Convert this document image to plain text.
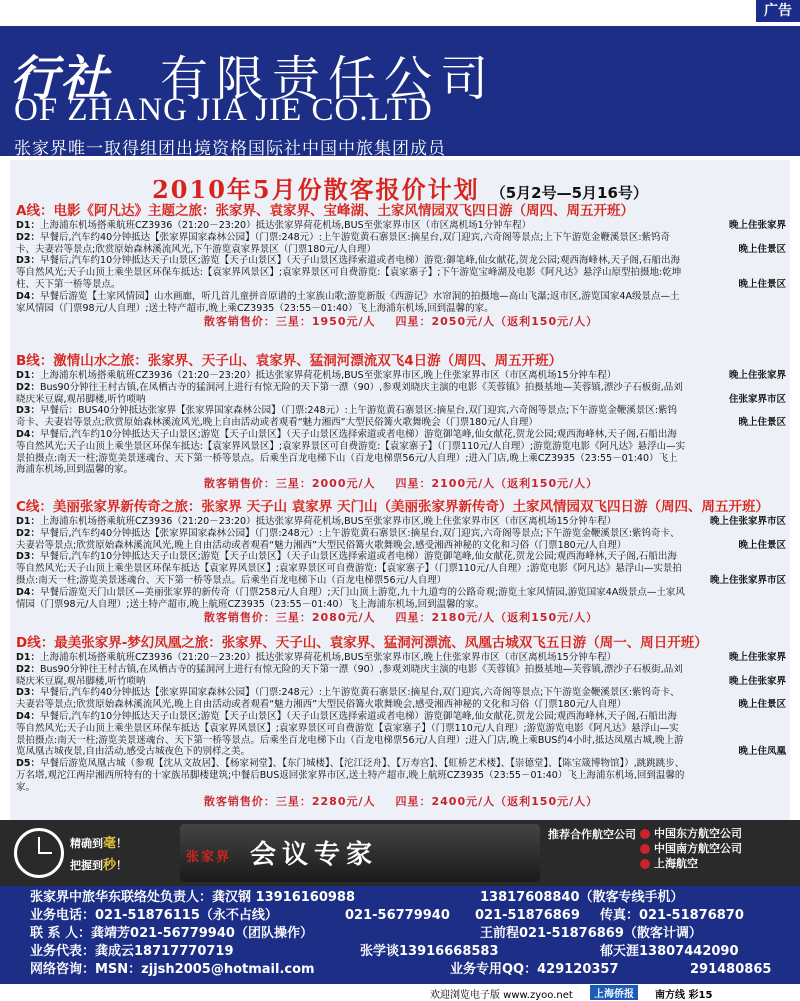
广告
行社 有限责任公司
OF ZHANG JIA JIE CO.LTD
张家界唯一取得组团出境资格国际社中国中旅集团成员
2010年5月份散客报价计划 （5月2号—5月16号）
A线：电影《阿凡达》主题之旅：张家界、袁家界、宝峰湖、土家风情园双飞四日游（周四、周五开班）
D1：上海浦东机场搭乘航班CZ3936（21:20－23:20）抵达张家界荷花机场,BUS至张家界市区（市区离机场1分钟车程）	晚上住张家界
D2：早餐后,汽车约40分钟抵达【张家界国家森林公园】（门票:248元）:上午游览黄石寨景区:摘星台,双门迎宾,六奇阁等景点;上下午游览金鞭溪景区:紫钨奇卡、夫妻岩等景点;欣赏原始森林溪流风光,下午游览袁家界景区（门票180元/人自理）	晚上住景区
D3：早餐后,汽车约10分钟抵达天子山景区;游览【天子山景区】（天子山景区选择索道或者电梯）游览:御笔峰,仙女献花,贺龙公园;观西海峰林,天子阁,石船出海等自然风光;天子山顶上乘坐景区环保车抵达:【袁家界风景区】;袁家界景区可自费游览:【袁家寨子】;下午游览宝峰湖及电影《阿凡达》悬浮山原型拍摄地:乾坤柱、天下第一桥等景点。	晚上住景区
D4：早餐后游览【土家风情园】山水画廊，听几首儿童拼音原谱的土家族山歌;游览新版《西游记》水帘洞的拍摄地—高山飞瀑;返市区,游览国家4A级景点—土家风情园（门票98元/人自理）;送土特产超市,晚上乘CZ3935（23:55－01:40）飞上海浦东机场,回到温馨的家。
散客销售价：三星：1950元/人 四星：2050元/人（返利150元/人）
B线：激情山水之旅：张家界、天子山、袁家界、猛洞河漂流双飞4日游（周四、周五开班）
D1：上海浦东机场搭乘航班CZ3936（21:20－23:20）抵达张家界荷花机场,BUS至张家界市区,晚上住张家界市区（市区离机场15分钟车程）	晚上住张家界
D2：Bus90分钟往王村古镇,在凤栖古寺的猛洞河上进行有惊无险的天下第一漂（90）,参观刘晓庆主演的电影《芙蓉镇》拍摄基地—芙蓉镇,漂沙子石板街,品刘晓庆米豆腐,观吊脚楼,听竹唢呐	住张家界市区
D3：早餐后：BUS40分钟抵达张家界【张家界国家森林公园】（门票:248元）:上午游览黄石寨景区:摘星台,双门迎宾,六奇阁等景点;下午游览金鞭溪景区:紫钨奇卡、夫妻岩等景点;欣赏原始森林溪流风光,晚上自由活动或者观看“魅力湘西”大型民俗篝火歌舞晚会（门票180元/人自理）	晚上住景区
D4：早餐后,汽车约10分钟抵达天子山景区;游览【天子山景区】（天子山景区选择索道或者电梯）游览御笔峰,仙女献花,贺龙公园;观西海峰林,天子阁,石船出海等自然风光;天子山顶上乘坐景区环保车抵达:【袁家界风景区】;袁家界景区可自费游览:【袁家寨子】（门票110元/人自理）;游览游览电影《阿凡达》悬浮山—实景拍摄点:南天一柱;游览美景迷魂台、天下第一桥等景点。后乘坐百龙电梯下山（百龙电梯票56元/人自理）;进入门店,晚上乘CZ3935（23:55－01:40）飞上海浦东机场,回到温馨的家。
散客销售价：三星：2000元/人 四星：2100元/人（返利150元/人）
C线：美丽张家界新传奇之旅：张家界 天子山 袁家界 天门山（美丽张家界新传奇）土家风情园双飞四日游（周四、周五开班）
D1：上海浦东机场搭乘航班CZ3936（21:20－23:20）抵达张家界荷花机场,BUS至张家界市区,晚上住张家界市区（市区离机场15分钟车程）	晚上住张家界市区
D2：早餐后,汽车约40分钟抵达【张家界国家森林公园】（门票:248元）:上午游览黄石寨景区:摘星台,双门迎宾,六奇阁等景点;下午游览金鞭溪景区:紫钨奇卡、夫妻岩等景点;欣赏原始森林溪流风光,晚上自由活动或者观看“魅力湘西”大型民俗篝火歌舞晚会,感受湘西神秘的文化和习俗（门票180元/人自理）	晚上住景区
D3：早餐后,汽车约10分钟抵达天子山景区;游览【天子山景区】（天子山景区选择索道或者电梯）游览御笔峰,仙女献花,贺龙公园;观西海峰林,天子阁,石船出海等自然风光;天子山顶上乘坐景区环保车抵达【袁家界风景区】;袁家界景区可自费游览:【袁家寨子】（门票110元/人自理）;游览电影《阿凡达》悬浮山—实景拍摄点:南天一柱;游览美景迷魂台、天下第一桥等景点。后乘坐百龙电梯下山（百龙电梯票56元/人自理）	晚上住张家界市区
D4：早餐后游览天门山景区—美丽张家界的新传奇（门票258元/人自理）;天门山顶上游览,九十九道弯的公路奇观;游览土家风情园,游览国家4A级景点—土家风情园（门票98元/人自理）;送土特产超市,晚上航班CZ3935（23:55－01:40）飞上海浦东机场,回到温馨的家。
散客销售价：三星：2080元/人 四星：2180元/人（返利150元/人）
D线：最美张家界-梦幻凤凰之旅：张家界、天子山、袁家界、猛洞河漂流、凤凰古城双飞五日游（周一、周日开班）
D1：上海浦东机场搭乘航班CZ3936（21:20－23:20）抵达张家界荷花机场,BUS至张家界市区,晚上住张家界市区（市区离机场15分钟车程）	晚上住张家界
D2：Bus90分钟往王村古镇,在凤栖古寺的猛洞河上进行有惊无险的天下第一漂（90）,参观刘晓庆主演的电影《芙蓉镇》拍摄基地—芙蓉镇,漂沙子石板街,品刘晓庆米豆腐,观吊脚楼,听竹唢呐	晚上住张家界
D3：早餐后,汽车约40分钟抵达【张家界国家森林公园】（门票:248元）:上午游览黄石寨景区:摘星台,双门迎宾,六奇阁等景点;下午游览金鞭溪景区:紫钨奇卡、夫妻岩等景点;欣赏原始森林溪流风光,晚上自由活动或者观看“魅力湘西”大型民俗篝火歌舞晚会,感受湘西神秘的文化和习俗（门票180元/人自理）	晚上住景区
D4：早餐后,汽车约10分钟抵达天子山景区;游览【天子山景区】（天子山景区选择索道或者电梯）游览御笔峰,仙女献花,贺龙公园;观西海峰林,天子阁,石船出海等自然风光;天子山顶上乘坐景区环保车抵达【袁家界风景区】;袁家界景区可自费游览【袁家寨子】（门票110元/人自理）;游览游览电影《阿凡达》悬浮山—实景拍摄点:南天一柱;游览美景迷魂台、天下第一桥等景点。后乘坐百龙电梯下山（百龙电梯票56元/人自理）;进入门店,晚上乘BUS约4小时,抵达凤凰古城,晚上游览凤凰古城夜景,自由活动,感受古城夜色下的别样之美。	晚上住凤凰
D5：早餐后游览凤凰古城（参观【沈从文故居】、【杨家祠堂】、【东门城楼】、【沱江泛舟】、【万寿宫】、【虹桥艺术楼】、【崇德堂】、【陈宝箴博物馆】）,跳跳跳步、万名塔,观沱江两岸湘西所特有的十家族吊脚楼建筑;中餐后BUS返回张家界市区,送土特产超市,晚上航班CZ3935（23:55－01:40）飞上海浦东机场,回到温馨的家。
散客销售价：三星：2280元/人 四星：2400元/人（返利150元/人）
精确到毫！
把握到秒！
张家界 会议专家
推荐合作航空公司 中国东方航空公司
中国南方航空公司
上海航空
张家界中旅华东联络处负责人：龚汉钢 13916160988	13817608840（散客专线手机）
业务电话：021-51876115（永不占线）	021-56779940 021-51876869 传真：021-51876870
联 系 人：龚靖芳021-56779940（团队操作）	王前程021-51876869（散客计调）
业务代表：龚成云18717770719	张学谈13916668583	郁天涯13807442090
网络咨询：MSN：zjjsh2005@hotmail.com	业务专用QQ：429120357	291480865
欢迎浏览电子版 www.zyoo.net	上海侨报	南方线 彩15
